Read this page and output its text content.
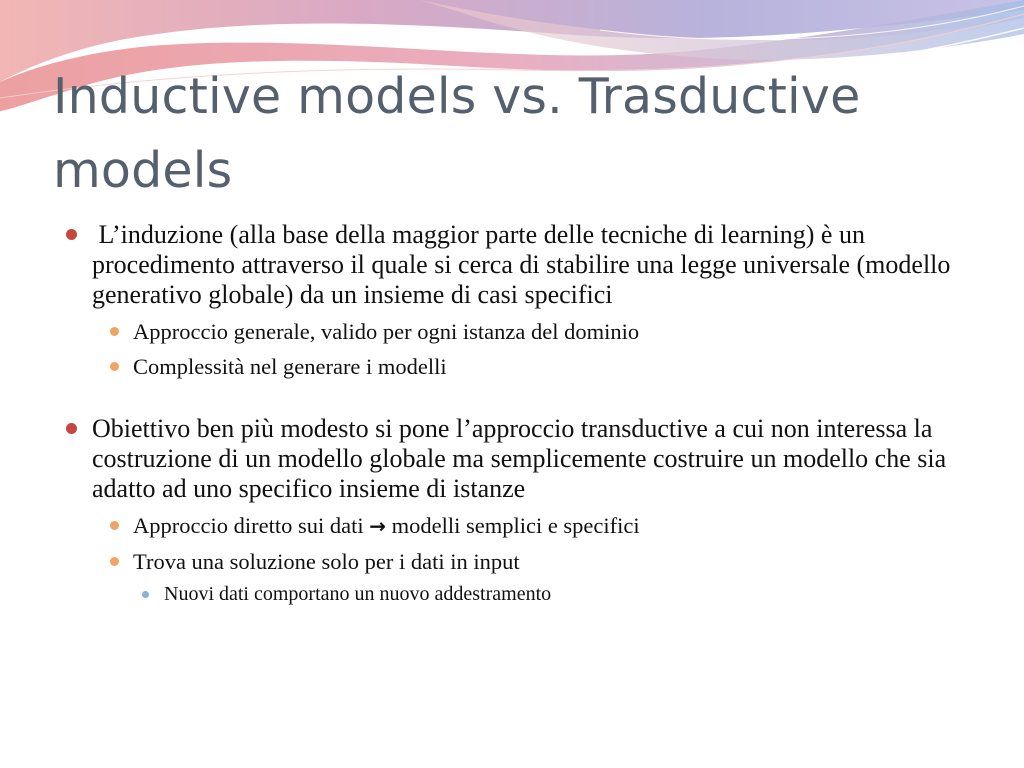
Inductive models vs. Trasductive models
L’induzione (alla base della maggior parte delle tecniche di learning) è un procedimento attraverso il quale si cerca di stabilire una legge universale (modello generativo globale) da un insieme di casi specifici
Approccio generale, valido per ogni istanza del dominio
Complessità nel generare i modelli
Obiettivo ben più modesto si pone l’approccio transductive a cui non interessa la costruzione di un modello globale ma semplicemente costruire un modello che sia adatto ad uno specifico insieme di istanze
Approccio diretto sui dati → modelli semplici e specifici
Trova una soluzione solo per i dati in input
Nuovi dati comportano un nuovo addestramento
